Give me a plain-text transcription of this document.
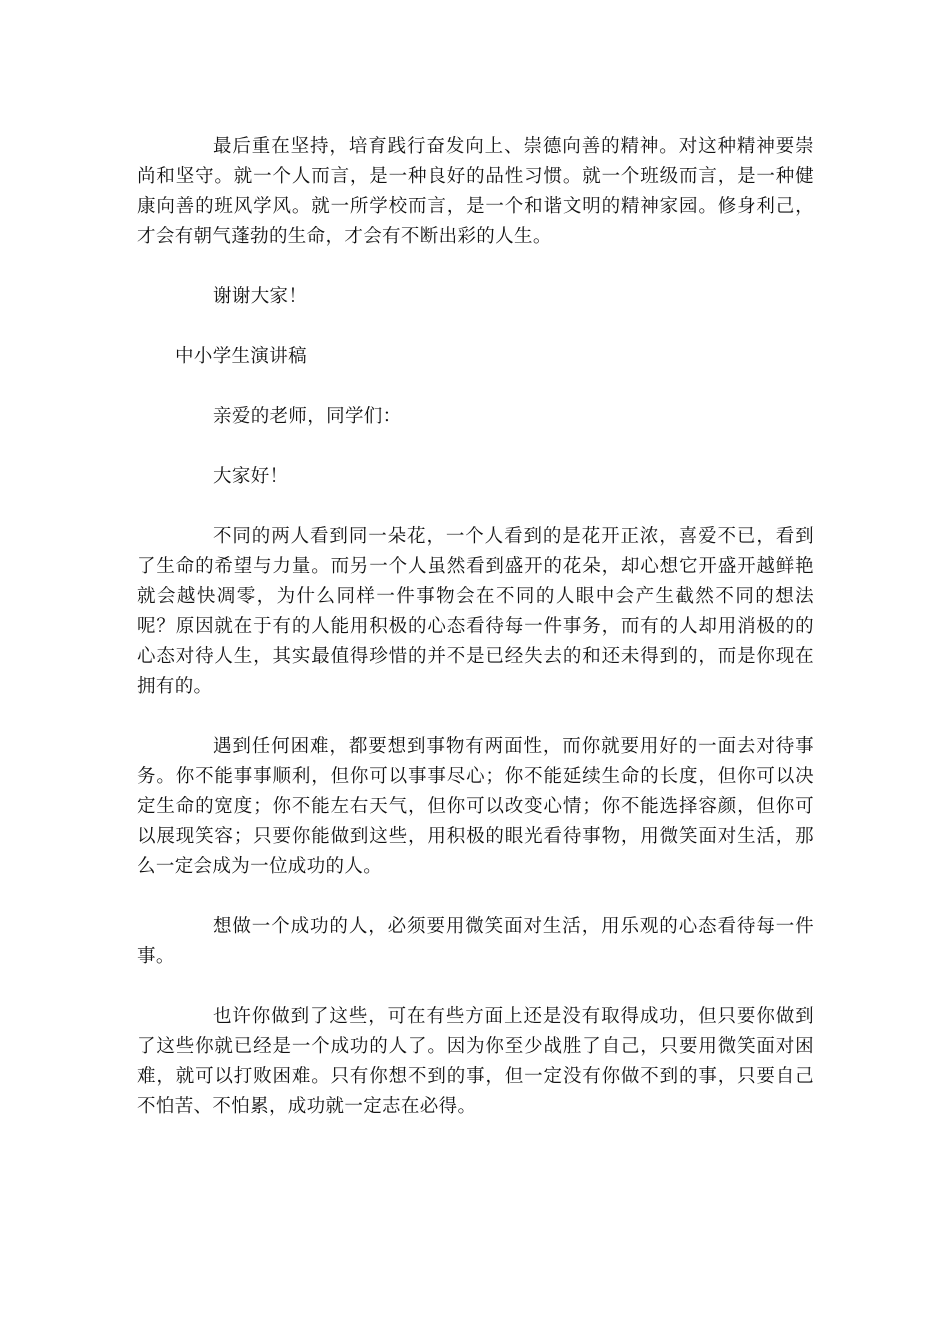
最后重在坚持，培育践行奋发向上、崇德向善的精神。对这种精神要崇尚和坚守。就一个人而言，是一种良好的品性习惯。就一个班级而言，是一种健康向善的班风学风。就一所学校而言，是一个和谐文明的精神家园。修身利己，才会有朝气蓬勃的生命，才会有不断出彩的人生。

谢谢大家！

中小学生演讲稿

亲爱的老师，同学们：

大家好！

不同的两人看到同一朵花，一个人看到的是花开正浓，喜爱不已，看到了生命的希望与力量。而另一个人虽然看到盛开的花朵，却心想它开盛开越鲜艳就会越快凋零，为什么同样一件事物会在不同的人眼中会产生截然不同的想法呢？原因就在于有的人能用积极的心态看待每一件事务，而有的人却用消极的的心态对待人生，其实最值得珍惜的并不是已经失去的和还未得到的，而是你现在拥有的。

遇到任何困难，都要想到事物有两面性，而你就要用好的一面去对待事务。你不能事事顺利，但你可以事事尽心；你不能延续生命的长度，但你可以决定生命的宽度；你不能左右天气，但你可以改变心情；你不能选择容颜，但你可以展现笑容；只要你能做到这些，用积极的眼光看待事物，用微笑面对生活，那么一定会成为一位成功的人。

想做一个成功的人，必须要用微笑面对生活，用乐观的心态看待每一件事。

也许你做到了这些，可在有些方面上还是没有取得成功，但只要你做到了这些你就已经是一个成功的人了。因为你至少战胜了自己，只要用微笑面对困难，就可以打败困难。只有你想不到的事，但一定没有你做不到的事，只要自己不怕苦、不怕累，成功就一定志在必得。
